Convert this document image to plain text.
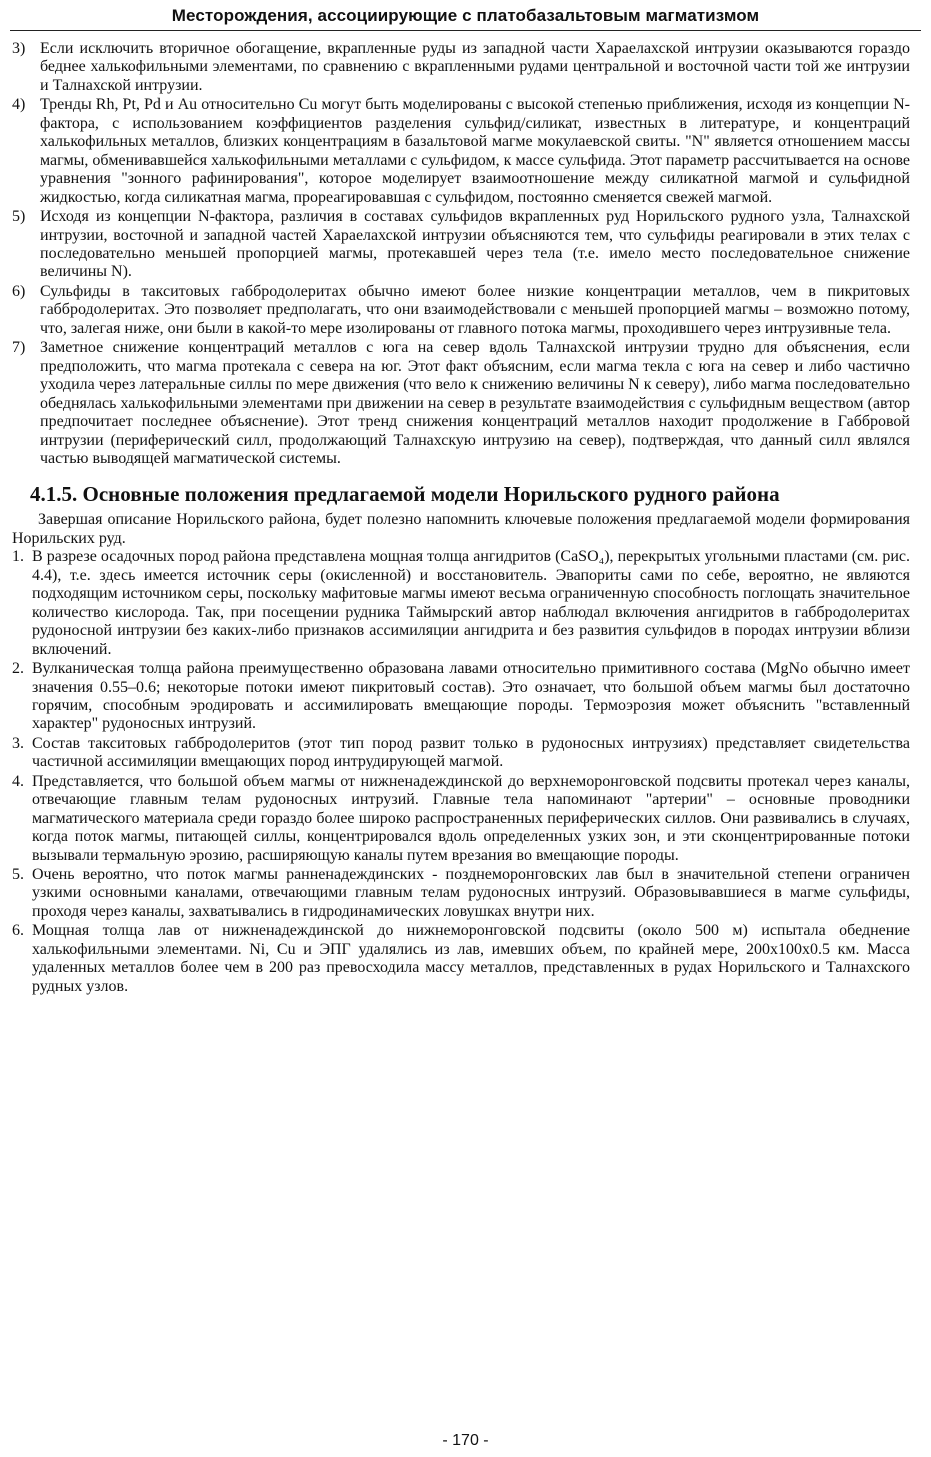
Месторождения, ассоциирующие с платобазальтовым магматизмом
3) Если исключить вторичное обогащение, вкрапленные руды из западной части Хараелахской интрузии оказываются гораздо беднее халькофильными элементами, по сравнению с вкрапленными рудами центральной и восточной части той же интрузии и Талнахской интрузии.
4) Тренды Rh, Pt, Pd и Au относительно Cu могут быть моделированы с высокой степенью приближения, исходя из концепции N-фактора, с использованием коэффициентов разделения сульфид/силикат, известных в литературе, и концентраций халькофильных металлов, близких концентрациям в базальтовой магме мокулаевской свиты. "N" является отношением массы магмы, обменивавшейся халькофильными металлами с сульфидом, к массе сульфида. Этот параметр рассчитывается на основе уравнения "зонного рафинирования", которое моделирует взаимоотношение между силикатной магмой и сульфидной жидкостью, когда силикатная магма, прореагировавшая с сульфидом, постоянно сменяется свежей магмой.
5) Исходя из концепции N-фактора, различия в составах сульфидов вкрапленных руд Норильского рудного узла, Талнахской интрузии, восточной и западной частей Хараелахской интрузии объясняются тем, что сульфиды реагировали в этих телах с последовательно меньшей пропорцией магмы, протекавшей через тела (т.е. имело место последовательное снижение величины N).
6) Сульфиды в такситовых габбродолеритах обычно имеют более низкие концентрации металлов, чем в пикритовых габбродолеритах. Это позволяет предполагать, что они взаимодействовали с меньшей пропорцией магмы – возможно потому, что, залегая ниже, они были в какой-то мере изолированы от главного потока магмы, проходившего через интрузивные тела.
7) Заметное снижение концентраций металлов с юга на север вдоль Талнахской интрузии трудно для объяснения, если предположить, что магма протекала с севера на юг. Этот факт объясним, если магма текла с юга на север и либо частично уходила через латеральные силлы по мере движения (что вело к снижению величины N к северу), либо магма последовательно обеднялась халькофильными элементами при движении на север в результате взаимодействия с сульфидным веществом (автор предпочитает последнее объяснение). Этот тренд снижения концентраций металлов находит продолжение в Габбровой интрузии (периферический силл, продолжающий Талнахскую интрузию на север), подтверждая, что данный силл являлся частью выводящей магматической системы.
4.1.5. Основные положения предлагаемой модели Норильского рудного района

Завершая описание Норильского района, будет полезно напомнить ключевые положения предлагаемой модели формирования Норильских руд.

1. В разрезе осадочных пород района представлена мощная толща ангидритов (CaSO₄), перекрытых угольными пластами (см. рис. 4.4), т.е. здесь имеется источник серы (окисленной) и восстановитель. Эвапориты сами по себе, вероятно, не являются подходящим источником серы, поскольку мафитовые магмы имеют весьма ограниченную способность поглощать значительное количество кислорода. Так, при посещении рудника Таймырский автор наблюдал включения ангидритов в габбродолеритах рудоносной интрузии без каких-либо признаков ассимиляции ангидрита и без развития сульфидов в породах интрузии вблизи включений.
2. Вулканическая толща района преимущественно образована лавами относительно примитивного состава (MgNo обычно имеет значения 0.55–0.6; некоторые потоки имеют пикритовый состав). Это означает, что большой объем магмы был достаточно горячим, способным эродировать и ассимилировать вмещающие породы. Термоэрозия может объяснить "вставленный характер" рудоносных интрузий.
3. Состав такситовых габбродолеритов (этот тип пород развит только в рудоносных интрузиях) представляет свидетельства частичной ассимиляции вмещающих пород интрудирующей магмой.
4. Представляется, что большой объем магмы от нижненадеждинской до верхнеморонговской подсвиты протекал через каналы, отвечающие главным телам рудоносных интрузий. Главные тела напоминают "артерии" – основные проводники магматического материала среди гораздо более широко распространенных периферических силлов. Они развивались в случаях, когда поток магмы, питающей силлы, концентрировался вдоль определенных узких зон, и эти сконцентрированные потоки вызывали термальную эрозию, расширяющую каналы путем врезания во вмещающие породы.
5. Очень вероятно, что поток магмы ранненадеждинских - позднеморонговских лав был в значительной степени ограничен узкими основными каналами, отвечающими главным телам рудоносных интрузий. Образовывавшиеся в магме сульфиды, проходя через каналы, захватывались в гидродинамических ловушках внутри них.
6. Мощная толща лав от нижненадеждинской до нижнеморонговской подсвиты (около 500 м) испытала обеднение халькофильными элементами. Ni, Cu и ЭПГ удалялись из лав, имевших объем, по крайней мере, 200x100x0.5 км. Масса удаленных металлов более чем в 200 раз превосходила массу металлов, представленных в рудах Норильского и Талнахского рудных узлов.
- 170 -
